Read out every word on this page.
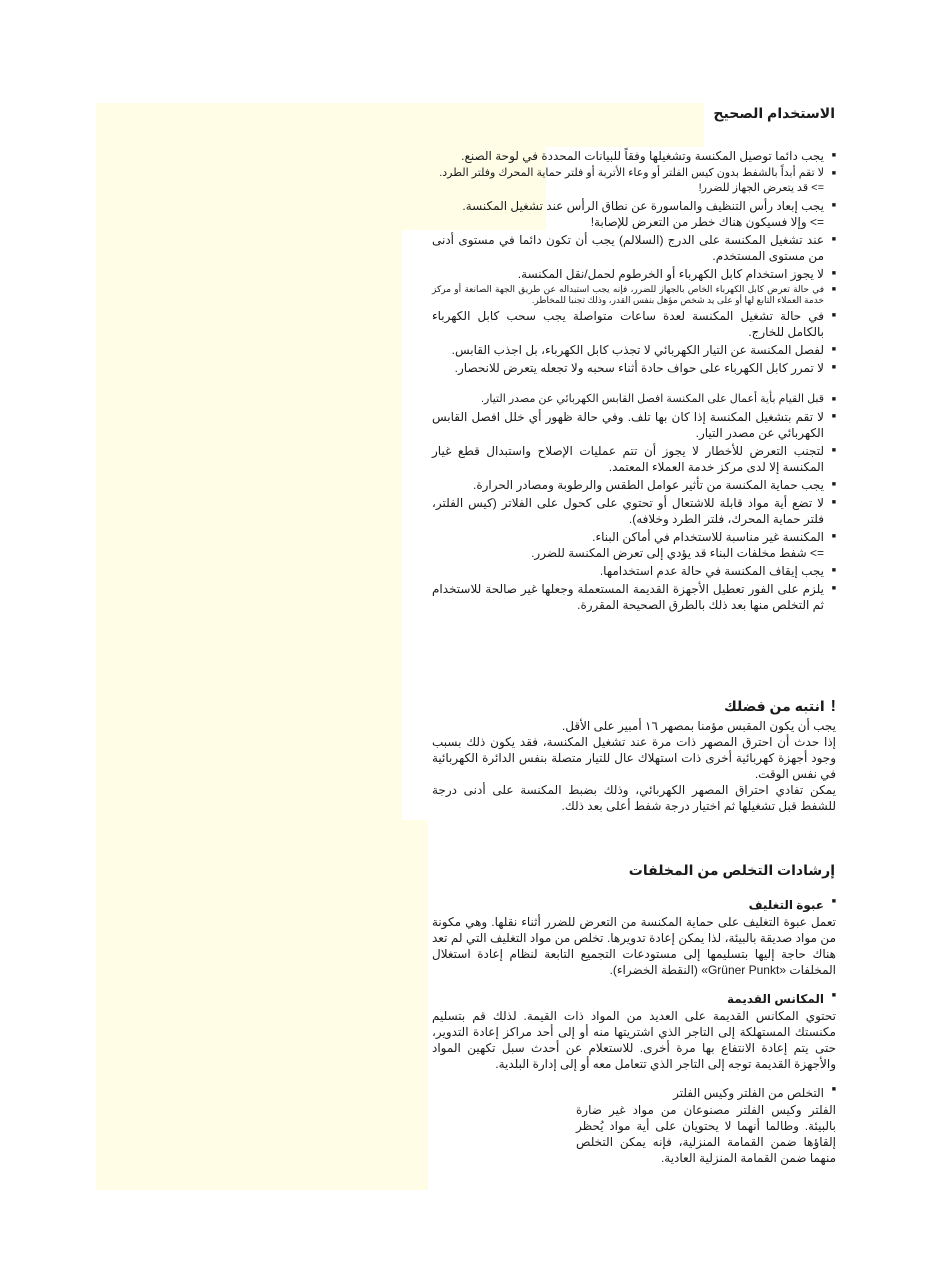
الاستخدام الصحيح
■ يجب دائما توصيل المكنسة وتشغيلها وفقاً للبيانات المحددة في لوحة الصنع.
■ لا تقم أبداً بالشفط بدون كيس الفلتر أو وعاء الأتربة أو فلتر حماية المحرك وفلتر الطرد.
=> قد يتعرض الجهاز للضرر!
■ يجب إبعاد رأس التنظيف والماسورة عن نطاق الرأس عند تشغيل المكنسة.
=> وإلا فسيكون هناك خطر من التعرض للإصابة!
■ عند تشغيل المكنسة على الدرج (السلالم) يجب أن تكون دائما في مستوى أدنى من مستوى المستخدم.
■ لا يجوز استخدام كابل الكهرباء أو الخرطوم لحمل/نقل المكنسة.
■ في حالة تعرض كابل الكهرباء الخاص بالجهاز للضرر، فإنه يجب استبداله عن طريق الجهة الصانعة أو مركز خدمة العملاء التابع لها أو على يد شخص مؤهل بنفس القدر، وذلك تجنبا للمخاطر.
■ في حالة تشغيل المكنسة لعدة ساعات متواصلة يجب سحب كابل الكهرباء بالكامل للخارج.
■ لفصل المكنسة عن التيار الكهربائي لا تجذب كابل الكهرباء، بل اجذب القابس.
■ لا تمرر كابل الكهرباء على حواف حادة أثناء سحبه ولا تجعله يتعرض للانحصار.
■ قبل القيام بأية أعمال على المكنسة افصل القابس الكهربائي عن مصدر التيار.
■ لا تقم بتشغيل المكنسة إذا كان بها تلف. وفي حالة ظهور أي خلل افصل القابس الكهربائي عن مصدر التيار.
■ لتجنب التعرض للأخطار لا يجوز أن تتم عمليات الإصلاح واستبدال قطع غيار المكنسة إلا لدى مركز خدمة العملاء المعتمد.
■ يجب حماية المكنسة من تأثير عوامل الطقس والرطوبة ومصادر الحرارة.
■ لا تضع أية مواد قابلة للاشتعال أو تحتوي على كحول على الفلاتر (كيس الفلتر، فلتر حماية المحرك، فلتر الطرد وخلافه).
■ المكنسة غير مناسبة للاستخدام في أماكن البناء.
=> شفط مخلفات البناء قد يؤدي إلى تعرض المكنسة للضرر.
■ يجب إيقاف المكنسة في حالة عدم استخدامها.
■ يلزم على الفور تعطيل الأجهزة القديمة المستعملة وجعلها غير صالحة للاستخدام ثم التخلص منها بعد ذلك بالطرق الصحيحة المقررة.
!انتبه من فضلك

يجب أن يكون المقبس مؤمنا بمصهر ١٦ أمبير على الأقل.

إذا حدث أن احترق المصهر ذات مرة عند تشغيل المكنسة، فقد يكون ذلك بسبب وجود أجهزة كهربائية أخرى ذات استهلاك عال للتيار متصلة بنفس الدائرة الكهربائية في نفس الوقت.

يمكن تفادي احتراق المصهر الكهربائي، وذلك بضبط المكنسة على أدنى درجة للشفط قبل تشغيلها ثم اختيار درجة شفط أعلى بعد ذلك.

إرشادات التخلص من المخلفات
■
عبوة التغليف

تعمل عبوة التغليف على حماية المكنسة من التعرض للضرر أثناء نقلها. وهي مكونة من مواد صديقة بالبيئة، لذا يمكن إعادة تدويرها. تخلص من مواد التغليف التي لم تعد هناك حاجة إليها بتسليمها إلى مستودعات التجميع التابعة لنظام إعادة استغلال المخلفات «Grüner Punkt» (النقطة الخضراء).

■
المكانس القديمة

تحتوي المكانس القديمة على العديد من المواد ذات القيمة. لذلك قم بتسليم مكنستك المستهلكة إلى التاجر الذي اشتريتها منه أو إلى أحد مراكز إعادة التدوير، حتى يتم إعادة الانتفاع بها مرة أخرى. للاستعلام عن أحدث سبل تكهين المواد والأجهزة القديمة توجه إلى التاجر الذي تتعامل معه أو إلى إدارة البلدية.

■
التخلص من الفلتر وكيس الفلتر

الفلتر وكيس الفلتر مصنوعان من مواد غير ضارة بالبيئة. وطالما أنهما لا يحتويان على أية مواد يُحظر إلقاؤها ضمن القمامة المنزلية، فإنه يمكن التخلص منهما ضمن القمامة المنزلية العادية.
